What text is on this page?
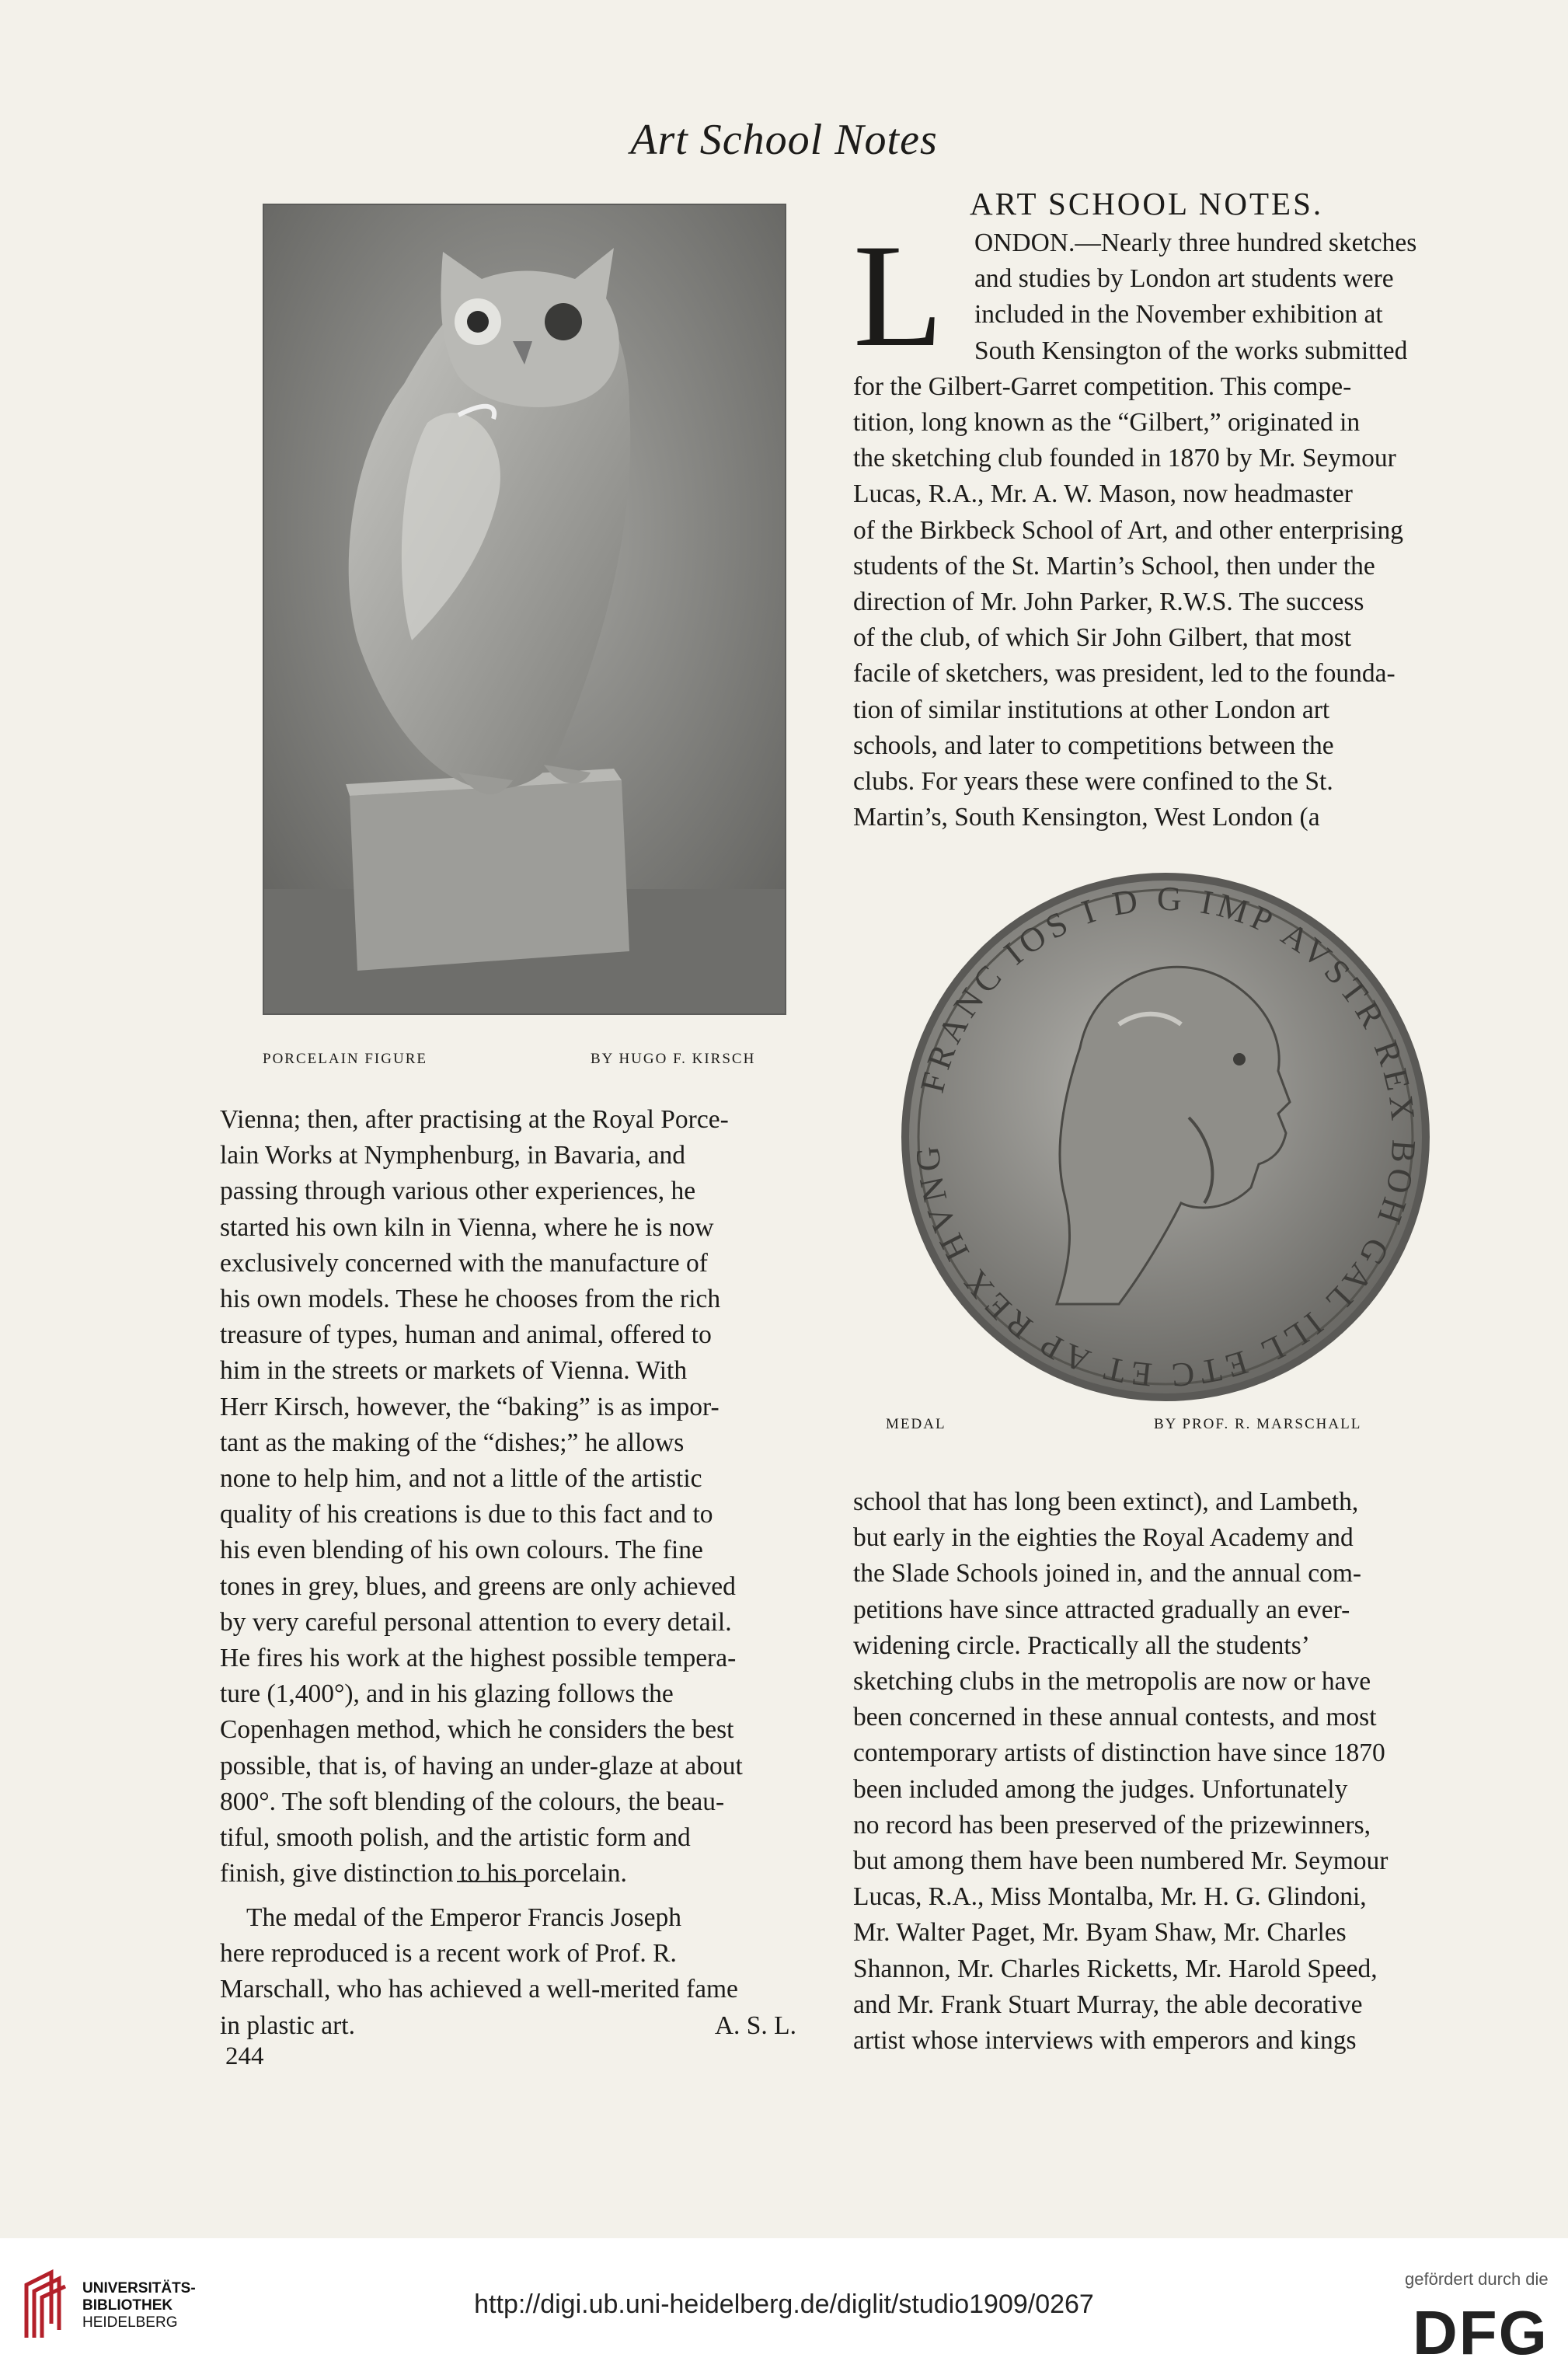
Art School Notes
PORCELAIN FIGURE	BY HUGO F. KIRSCH
Vienna; then, after practising at the Royal Porce-
lain Works at Nymphenburg, in Bavaria, and
passing through various other experiences, he
started his own kiln in Vienna, where he is now
exclusively concerned with the manufacture of
his own models. These he chooses from the rich
treasure of types, human and animal, offered to
him in the streets or markets of Vienna. With
Herr Kirsch, however, the “baking” is as impor-
tant as the making of the “dishes;” he allows
none to help him, and not a little of the artistic
quality of his creations is due to this fact and to
his even blending of his own colours. The fine
tones in grey, blues, and greens are only achieved
by very careful personal attention to every detail.
He fires his work at the highest possible tempera-
ture (1,400°), and in his glazing follows the
Copenhagen method, which he considers the best
possible, that is, of having an under-glaze at about
800°. The soft blending of the colours, the beau-
tiful, smooth polish, and the artistic form and
finish, give distinction to his porcelain.
The medal of the Emperor Francis Joseph
here reproduced is a recent work of Prof. R.
Marschall, who has achieved a well-merited fame
in plastic art.	A. S. L.
244
ART SCHOOL NOTES.
L	ONDON.—Nearly three hundred sketches
and studies by London art students were
included in the November exhibition at
South Kensington of the works submitted
for the Gilbert-Garret competition. This compe-
tition, long known as the “Gilbert,” originated in
the sketching club founded in 1870 by Mr. Seymour
Lucas, R.A., Mr. A. W. Mason, now headmaster
of the Birkbeck School of Art, and other enterprising
students of the St. Martin’s School, then under the
direction of Mr. John Parker, R.W.S. The success
of the club, of which Sir John Gilbert, that most
facile of sketchers, was president, led to the founda-
tion of similar institutions at other London art
schools, and later to competitions between the
clubs. For years these were confined to the St.
Martin’s, South Kensington, West London (a
FRANC IOS I D G IMP AVSTR REX BOH GAL ILL ETC ET AP REX HVNG
MEDAL	BY PROF. R. MARSCHALL
school that has long been extinct), and Lambeth,
but early in the eighties the Royal Academy and
the Slade Schools joined in, and the annual com-
petitions have since attracted gradually an ever-
widening circle. Practically all the students’
sketching clubs in the metropolis are now or have
been concerned in these annual contests, and most
contemporary artists of distinction have since 1870
been included among the judges. Unfortunately
no record has been preserved of the prizewinners,
but among them have been numbered Mr. Seymour
Lucas, R.A., Miss Montalba, Mr. H. G. Glindoni,
Mr. Walter Paget, Mr. Byam Shaw, Mr. Charles
Shannon, Mr. Charles Ricketts, Mr. Harold Speed,
and Mr. Frank Stuart Murray, the able decorative
artist whose interviews with emperors and kings
UNIVERSITÄTS-
BIBLIOTHEK
HEIDELBERG
http://digi.ub.uni-heidelberg.de/diglit/studio1909/0267
gefördert durch die
DFG
